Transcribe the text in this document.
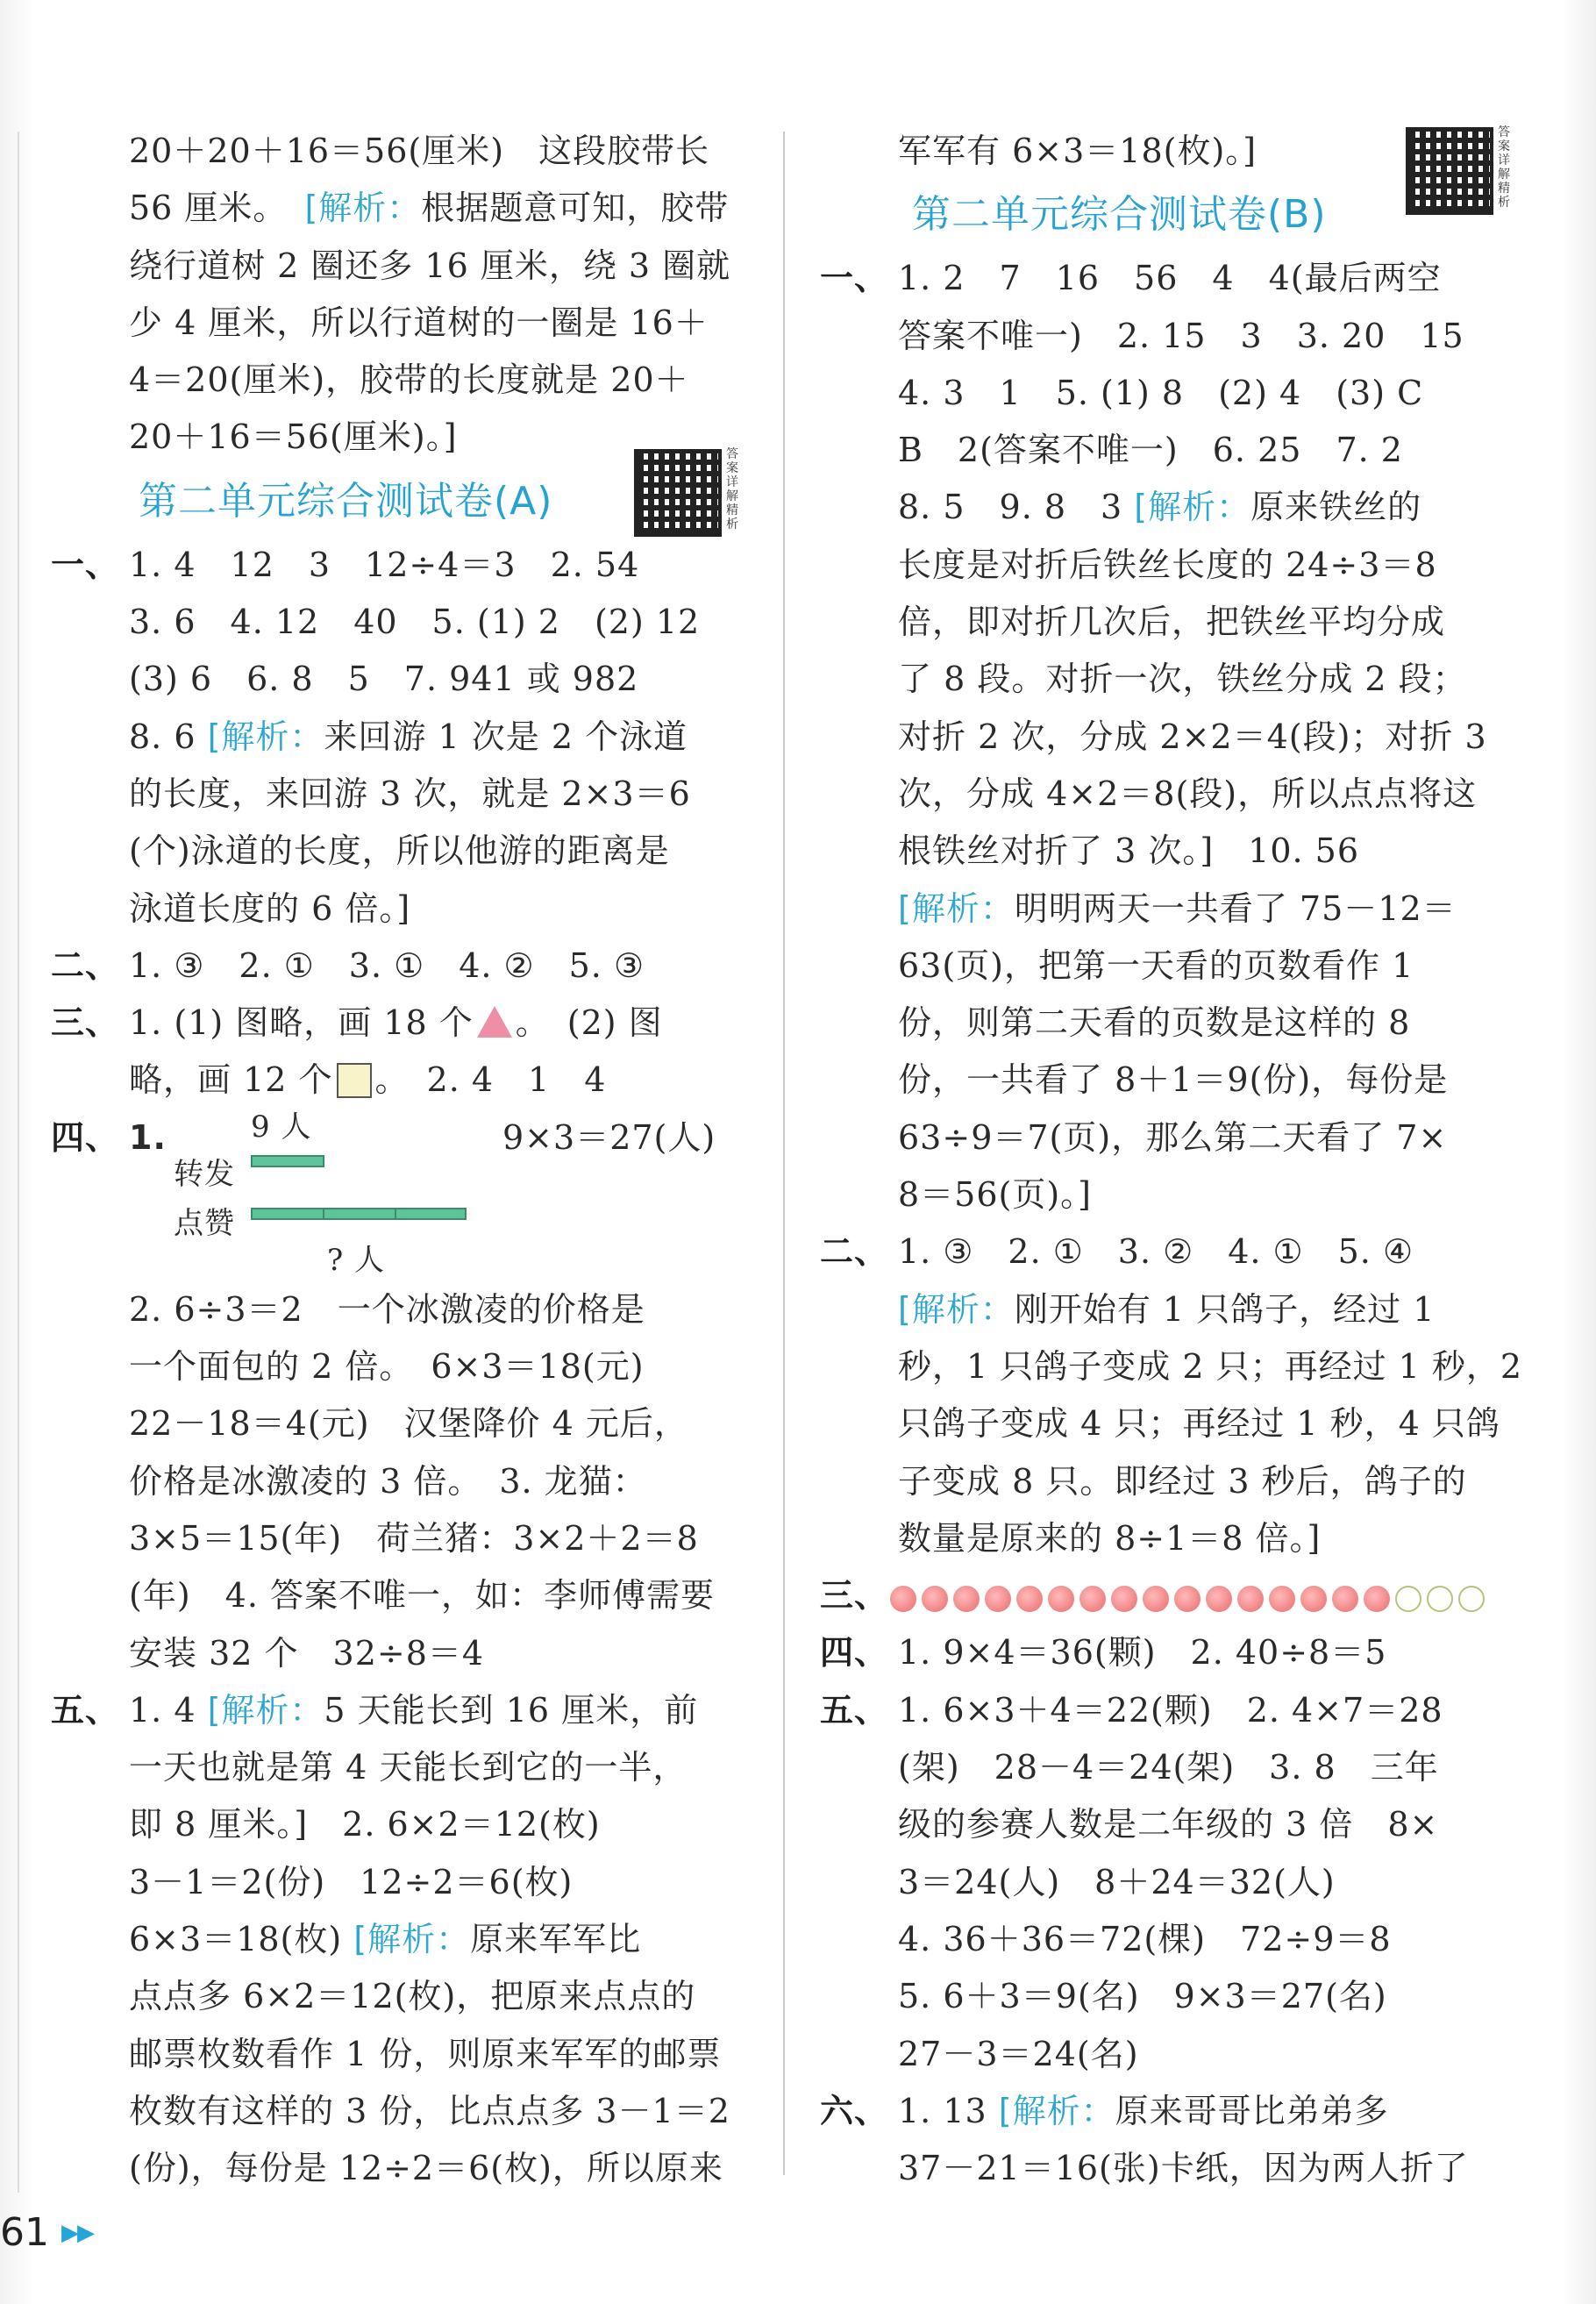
20＋20＋16＝56(厘米)　这段胶带长
56 厘米。　 [解析：根据题意可知，胶带
绕行道树 2 圈还多 16 厘米，绕 3 圈就
少 4 厘米，所以行道树的一圈是 16＋
4＝20(厘米)，胶带的长度就是 20＋
20＋16＝56(厘米)。]
第二单元综合测试卷(A)
答案详解精析
一、 1. 4　12　3　12÷4＝3　2. 54
3. 6　4. 12　40　5. (1) 2　(2) 12
(3) 6　6. 8　5　7. 941 或 982
8. 6 [解析：来回游 1 次是 2 个泳道
的长度，来回游 3 次，就是 2×3＝6
(个)泳道的长度，所以他游的距离是
泳道长度的 6 倍。]
二、 1. ③　2. ①　3. ①　4. ②　5. ③
三、 1. (1) 图略，画 18 个 。　(2) 图
略，画 12 个 。　2. 4　1　4
四、 1.	9 人
转发
点赞
? 人
9×3＝27(人)
2. 6÷3＝2　一个冰激凌的价格是
一个面包的 2 倍。　6×3＝18(元)
22－18＝4(元)　汉堡降价 4 元后，
价格是冰激凌的 3 倍。　3. 龙猫：
3×5＝15(年)　荷兰猪：3×2＋2＝8
(年)　4. 答案不唯一，如：李师傅需要
安装 32 个　32÷8＝4
五、 1. 4 [解析：5 天能长到 16 厘米，前
一天也就是第 4 天能长到它的一半，
即 8 厘米。]　2. 6×2＝12(枚)
3－1＝2(份)　12÷2＝6(枚)
6×3＝18(枚) [解析：原来军军比
点点多 6×2＝12(枚)，把原来点点的
邮票枚数看作 1 份，则原来军军的邮票
枚数有这样的 3 份，比点点多 3－1＝2
(份)，每份是 12÷2＝6(枚)，所以原来
军军有 6×3＝18(枚)。]
第二单元综合测试卷(B)
答案详解精析
一、 1. 2　7　16　56　4　4(最后两空
答案不唯一)　2. 15　3　3. 20　15
4. 3　1　5. (1) 8　(2) 4　(3) C
B　2(答案不唯一)　6. 25　7. 2
8. 5　9. 8　3 [解析：原来铁丝的
长度是对折后铁丝长度的 24÷3＝8
倍，即对折几次后，把铁丝平均分成
了 8 段。对折一次，铁丝分成 2 段；
对折 2 次，分成 2×2＝4(段)；对折 3
次，分成 4×2＝8(段)，所以点点将这
根铁丝对折了 3 次。]　10. 56
[解析：明明两天一共看了 75－12＝
63(页)，把第一天看的页数看作 1
份，则第二天看的页数是这样的 8
份，一共看了 8＋1＝9(份)，每份是
63÷9＝7(页)，那么第二天看了 7×
8＝56(页)。]
二、 1. ③　2. ①　3. ②　4. ①　5. ④
[解析：刚开始有 1 只鸽子，经过 1
秒，1 只鸽子变成 2 只；再经过 1 秒，2
只鸽子变成 4 只；再经过 1 秒，4 只鸽
子变成 8 只。即经过 3 秒后，鸽子的
数量是原来的 8÷1＝8 倍。]
三、
四、 1. 9×4＝36(颗)　2. 40÷8＝5
五、 1. 6×3＋4＝22(颗)　2. 4×7＝28
(架)　28－4＝24(架)　3. 8　三年
级的参赛人数是二年级的 3 倍　8×
3＝24(人)　8＋24＝32(人)
4. 36＋36＝72(棵)　72÷9＝8
5. 6＋3＝9(名)　9×3＝27(名)
27－3＝24(名)
六、 1. 13 [解析：原来哥哥比弟弟多
37－21＝16(张)卡纸，因为两人折了
61 ▶▶
